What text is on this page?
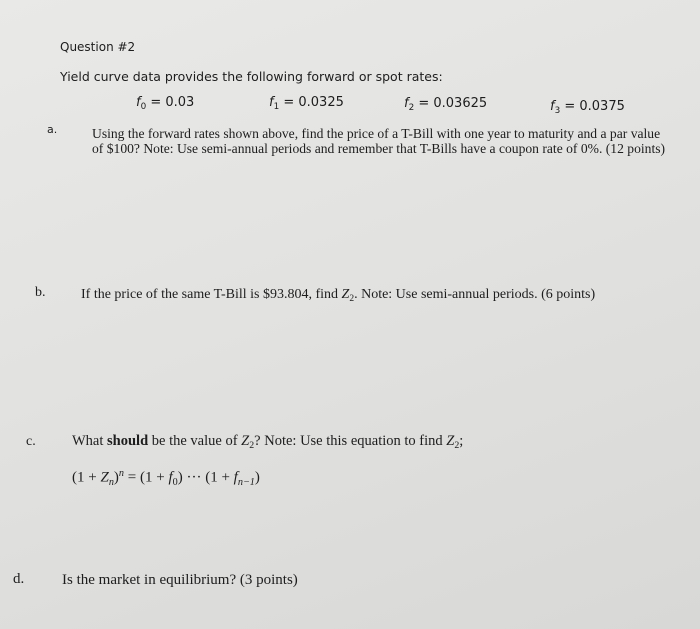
Question #2
Yield curve data provides the following forward or spot rates:
$f_0 = 0.03$	$f_1 = 0.0325$	$f_2 = 0.03625$	$f_3 = 0.0375$
a.	Using the forward rates shown above, find the price of a T-Bill with one year to maturity and a par value of $100? Note: Use semi-annual periods and remember that T-Bills have a coupon rate of 0%. (12 points)
b.	If the price of the same T-Bill is $93.804, find $Z_2$. Note: Use semi-annual periods. (6 points)
c.	What should be the value of $Z_2$? Note: Use this equation to find $Z_2$;
$(1 + Z_n)^n = (1 + f_0)$ ··· $(1 + f_{n-1})$
d.	Is the market in equilibrium? (3 points)
